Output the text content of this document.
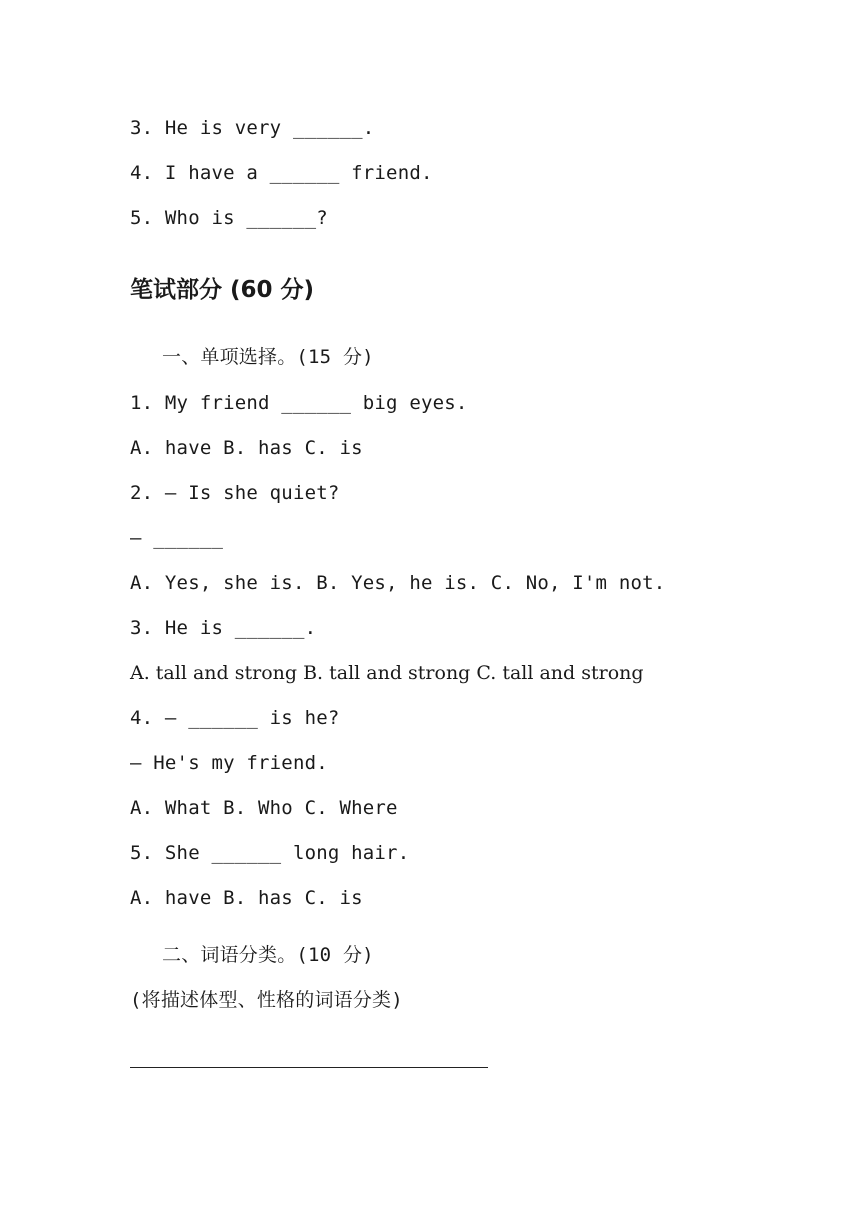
3. He is very ______.
4. I have a ______ friend.
5. Who is ______?
笔试部分 (60 分)
一、单项选择。(15 分)
1. My friend ______ big eyes.
A. have B. has C. is
2. — Is she quiet?
— ______
A. Yes, she is. B. Yes, he is. C. No, I'm not.
3. He is ______.
A. tall and strong B. tall and strong C. tall and strong
4. — ______ is he?
— He's my friend.
A. What B. Who C. Where
5. She ______ long hair.
A. have B. has C. is
二、词语分类。(10 分)
(将描述体型、性格的词语分类)
